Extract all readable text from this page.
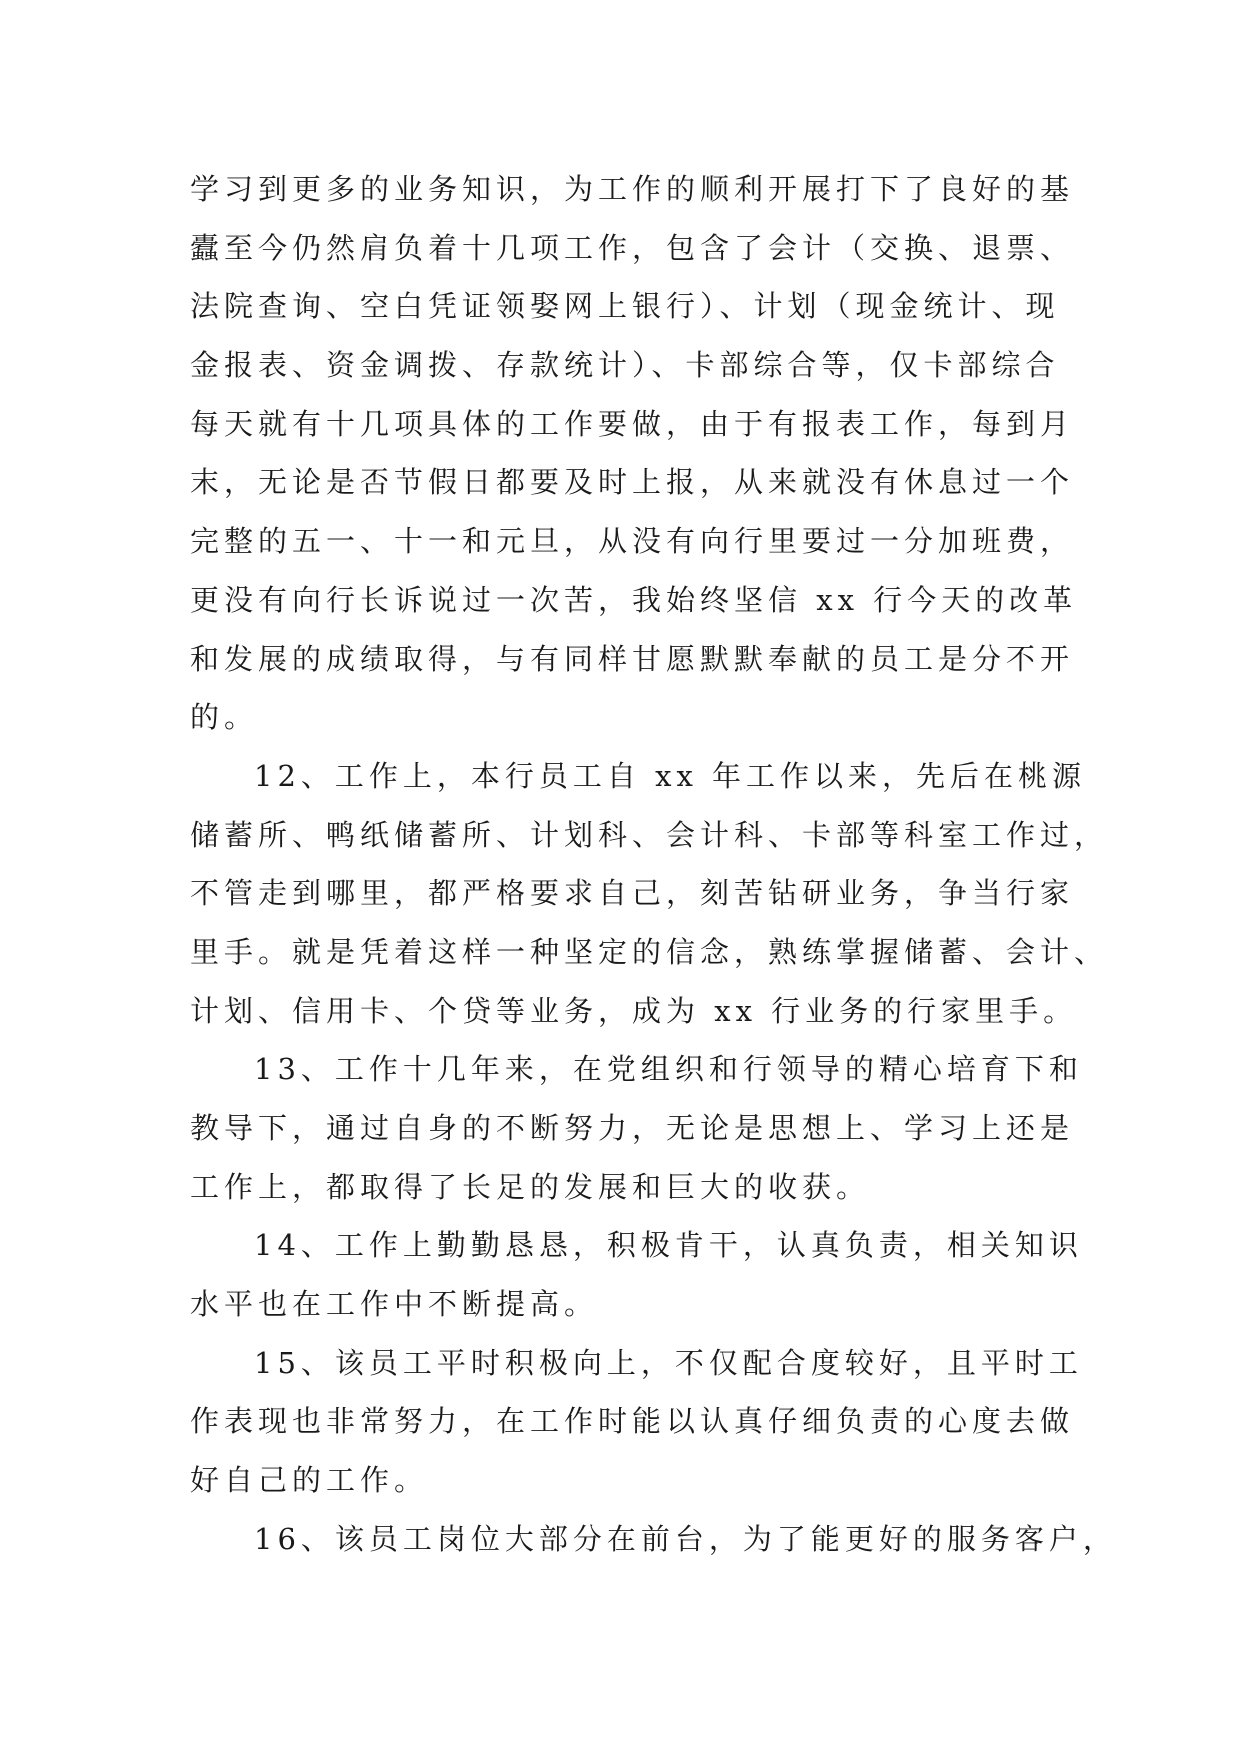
学习到更多的业务知识，为工作的顺利开展打下了良好的基
蠹至今仍然肩负着十几项工作，包含了会计（交换、退票、
法院查询、空白凭证领娶网上银行）、计划（现金统计、现
金报表、资金调拨、存款统计）、卡部综合等，仅卡部综合
每天就有十几项具体的工作要做，由于有报表工作，每到月
末，无论是否节假日都要及时上报，从来就没有休息过一个
完整的五一、十一和元旦，从没有向行里要过一分加班费，
更没有向行长诉说过一次苦，我始终坚信 xx 行今天的改革
和发展的成绩取得，与有同样甘愿默默奉献的员工是分不开
的。
12、工作上，本行员工自 xx 年工作以来，先后在桃源
储蓄所、鸭纸储蓄所、计划科、会计科、卡部等科室工作过，
不管走到哪里，都严格要求自己，刻苦钻研业务，争当行家
里手。就是凭着这样一种坚定的信念，熟练掌握储蓄、会计、
计划、信用卡、个贷等业务，成为 xx 行业务的行家里手。
13、工作十几年来，在党组织和行领导的精心培育下和
教导下，通过自身的不断努力，无论是思想上、学习上还是
工作上，都取得了长足的发展和巨大的收获。
14、工作上勤勤恳恳，积极肯干，认真负责，相关知识
水平也在工作中不断提高。
15、该员工平时积极向上，不仅配合度较好，且平时工
作表现也非常努力，在工作时能以认真仔细负责的心度去做
好自己的工作。
16、该员工岗位大部分在前台，为了能更好的服务客户，
